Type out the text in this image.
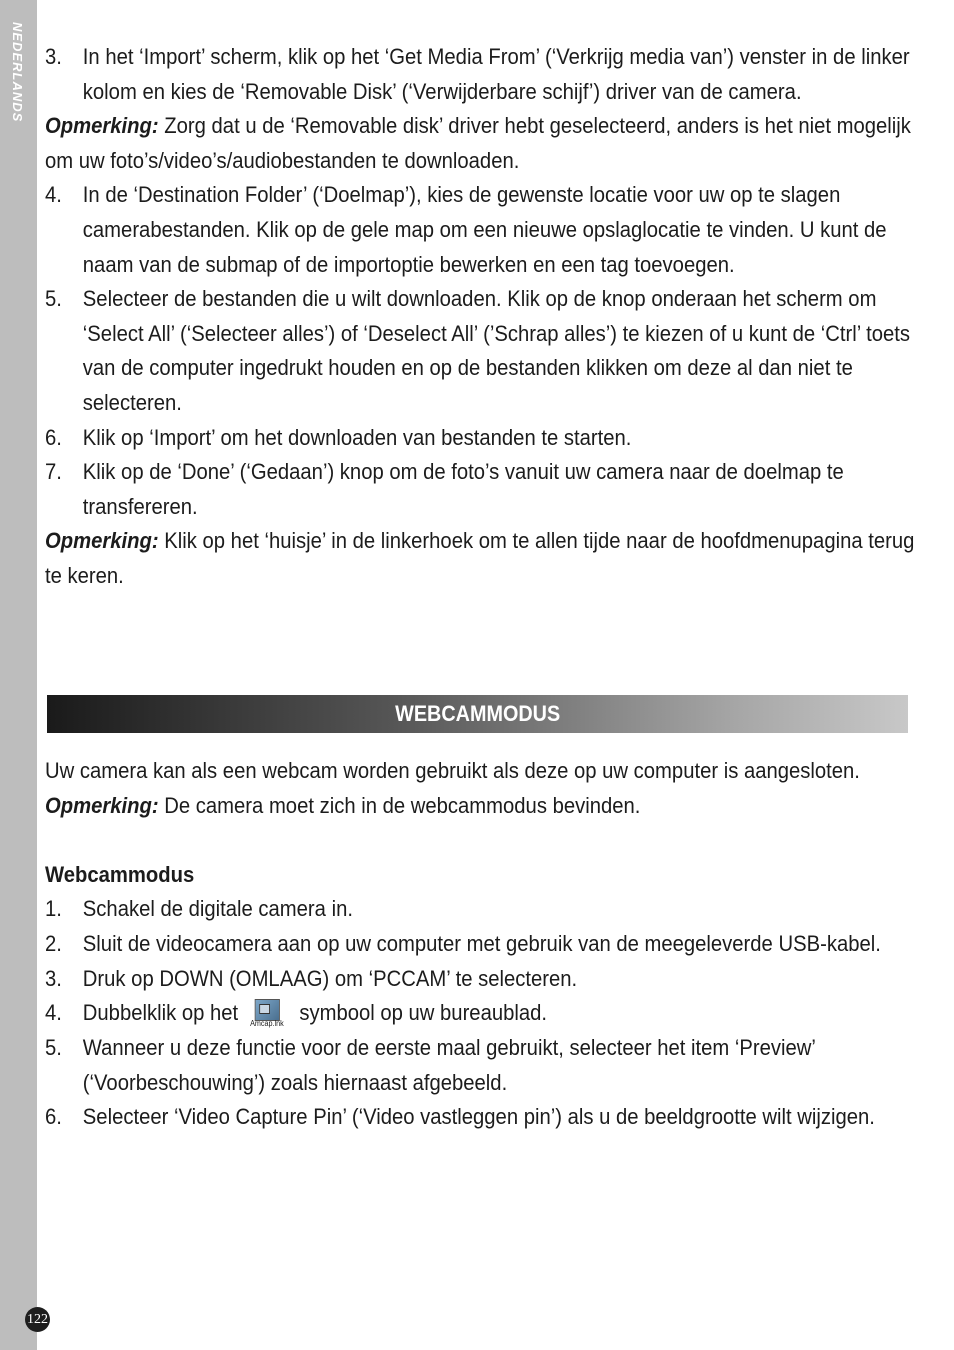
NEDERLANDS 3. In het ‘Import’ scherm, klik op het ‘Get Media From’ (‘Verkrijg media van’) venster in de linker kolom en kies de ‘Removable Disk’ (‘Verwijderbare schijf’) driver van de camera.
Opmerking: Zorg dat u de ‘Removable disk’ driver hebt geselecteerd, anders is het niet mogelijk om uw foto’s/video’s/audiobestanden te downloaden.
4. In de ‘Destination Folder’ (‘Doelmap’), kies de gewenste locatie voor uw op te slagen camerabestanden. Klik op de gele map om een nieuwe opslaglocatie te vinden. U kunt de naam van de submap of de importoptie bewerken en een tag toevoegen.
5. Selecteer de bestanden die u wilt downloaden. Klik op de knop onderaan het scherm om ‘Select All’ (‘Selecteer alles’) of ‘Deselect All’ (’Schrap alles’) te kiezen of u kunt de ‘Ctrl’ toets van de computer ingedrukt houden en op de bestanden klikken om deze al dan niet te selecteren.
6. Klik op ‘Import’ om het downloaden van bestanden te starten.
7. Klik op de ‘Done’ (‘Gedaan’) knop om de foto’s vanuit uw camera naar de doelmap te transfereren.
Opmerking: Klik op het ‘huisje’ in de linkerhoek om te allen tijde naar de hoofdmenupagina terug te keren.
WEBCAMMODUS
Uw camera kan als een webcam worden gebruikt als deze op uw computer is aangesloten.
Opmerking: De camera moet zich in de webcammodus bevinden.
Webcammodus
1. Schakel de digitale camera in.
2. Sluit de videocamera aan op uw computer met gebruik van de meegeleverde USB-kabel.
3. Druk op DOWN (OMLAAG) om ‘PCCAM’ te selecteren.
4. Dubbelklik op het	Amcap.lnk symbool op uw bureaublad.
5. Wanneer u deze functie voor de eerste maal gebruikt, selecteer het item ‘Preview’ (‘Voorbeschouwing’) zoals hiernaast afgebeeld.
6. Selecteer ‘Video Capture Pin’ (‘Video vastleggen pin’) als u de beeldgrootte wilt wijzigen.
122
